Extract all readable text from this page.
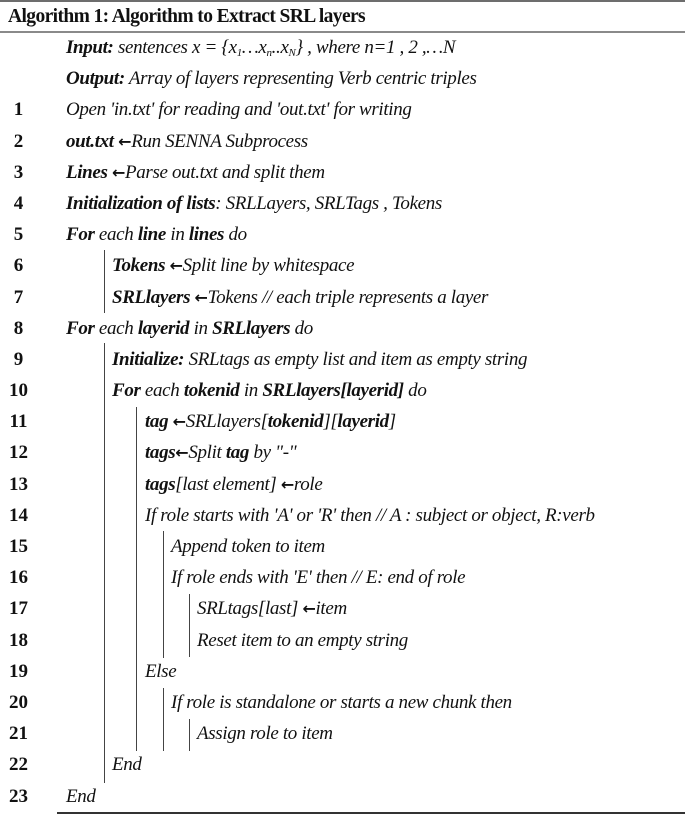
Algorithm 1: Algorithm to Extract SRL layers
Input: sentences $x = \{x_1\dots x_n..x_N\}$ , where n=1 , 2 ,…N
Output: Array of layers representing Verb centric triples
1	Open 'in.txt' for reading and 'out.txt' for writing
2	out.txt ←Run SENNA Subprocess
3	Lines ←Parse out.txt and split them
4	Initialization of lists: SRLLayers, SRLTags , Tokens
5	For each line in lines do
6	Tokens ←Split line by whitespace
7	SRLlayers ←Tokens // each triple represents a layer
8	For each layerid in SRLlayers do
9	Initialize: SRLtags as empty list and item as empty string
10	For each tokenid in SRLlayers[layerid] do
11	tag ←SRLlayers[tokenid][layerid]
12	tags←Split tag by "-"
13	tags[last element] ←role
14	If role starts with 'A' or 'R' then // A : subject or object, R:verb
15	Append token to item
16	If role ends with 'E' then // E: end of role
17	SRLtags[last] ←item
18	Reset item to an empty string
19	Else
20	If role is standalone or starts a new chunk then
21	Assign role to item
22	End
23	End
